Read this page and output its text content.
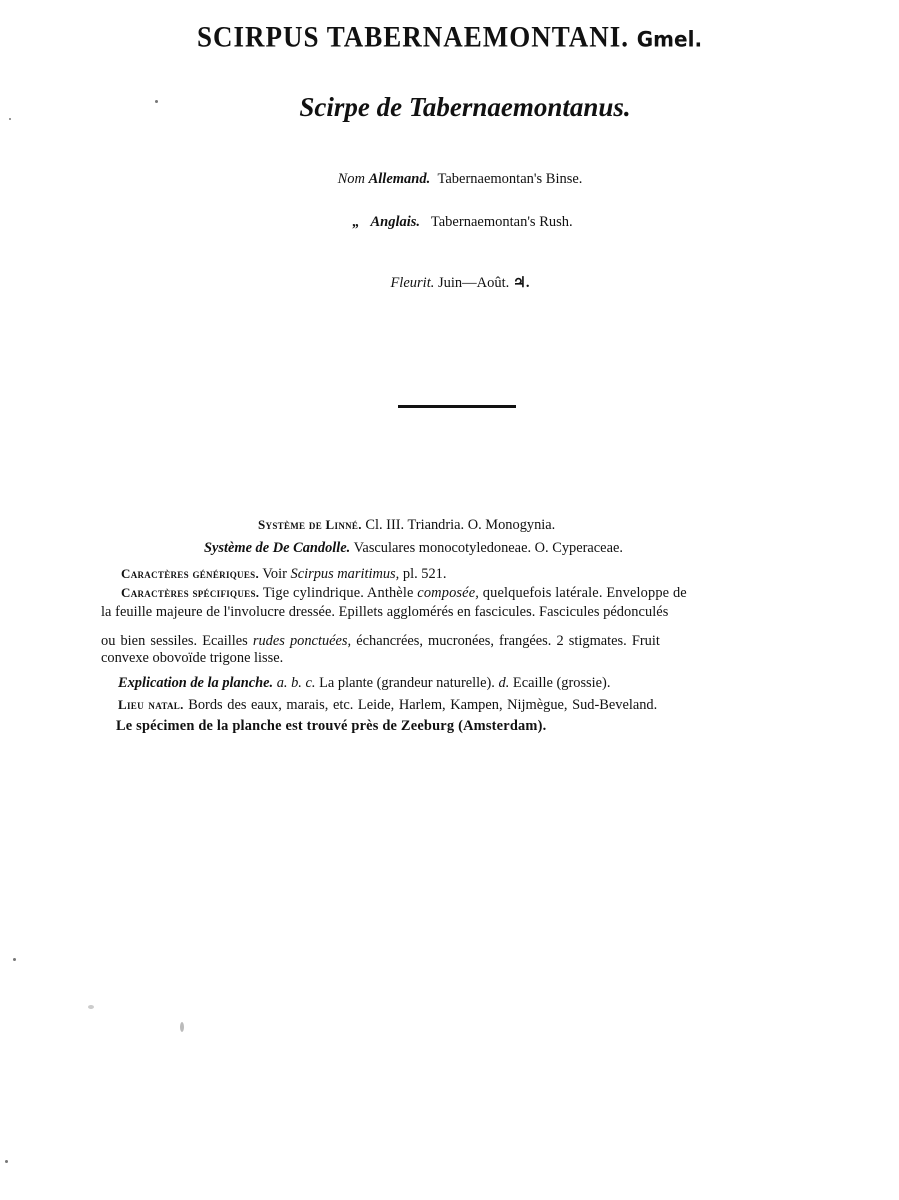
SCIRPUS TABERNAEMONTANI. Gmel.
Scirpe de Tabernaemontanus.
Nom Allemand. Tabernaemontan's Binse.
„ Anglais. Tabernaemontan's Rush.
Fleurit. Juin—Août. ♃.
Système de Linné. Cl. III. Triandria. O. Monogynia.
Système de De Candolle. Vasculares monocotyledoneae. O. Cyperaceae.
Caractères génériques. Voir Scirpus maritimus, pl. 521.
Caractères spécifiques. Tige cylindrique. Anthèle composée, quelquefois latérale. Enveloppe de
la feuille majeure de l'involucre dressée. Epillets agglomérés en fascicules. Fascicules pédonculés
ou bien sessiles. Ecailles rudes ponctuées, échancrées, mucronées, frangées. 2 stigmates. Fruit
convexe obovoïde trigone lisse.
Explication de la planche. a. b. c. La plante (grandeur naturelle). d. Ecaille (grossie).
Lieu natal. Bords des eaux, marais, etc. Leide, Harlem, Kampen, Nijmègue, Sud-Beveland.
Le spécimen de la planche est trouvé près de Zeeburg (Amsterdam).
